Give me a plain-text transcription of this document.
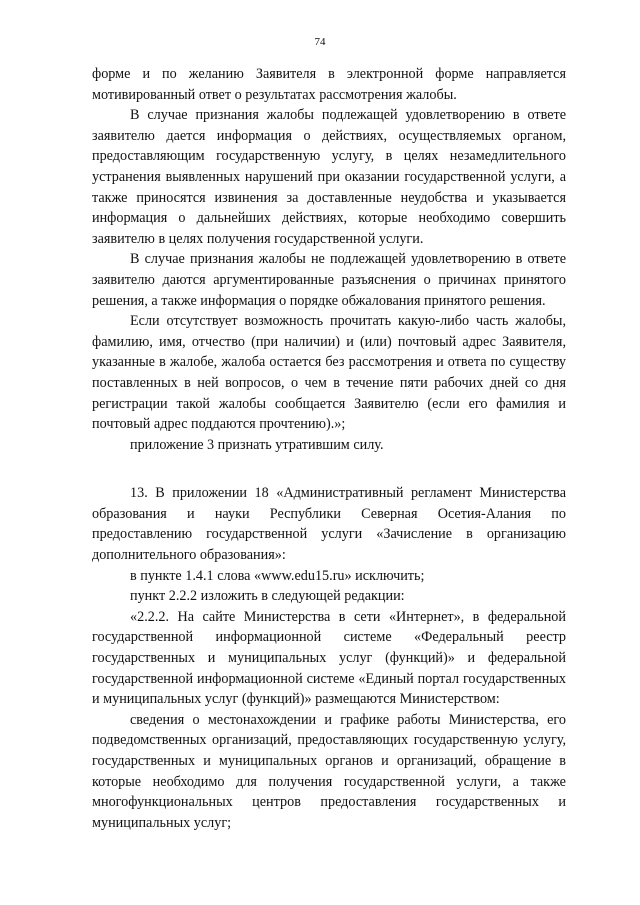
74

форме и по желанию Заявителя в электронной форме направляется мотивированный ответ о результатах рассмотрения жалобы.

В случае признания жалобы подлежащей удовлетворению в ответе заявителю дается информация о действиях, осуществляемых органом, предоставляющим государственную услугу, в целях незамедлительного устранения выявленных нарушений при оказании государственной услуги, а также приносятся извинения за доставленные неудобства и указывается информация о дальнейших действиях, которые необходимо совершить заявителю в целях получения государственной услуги.

В случае признания жалобы не подлежащей удовлетворению в ответе заявителю даются аргументированные разъяснения о причинах принятого решения, а также информация о порядке обжалования принятого решения.

Если отсутствует возможность прочитать какую-либо часть жалобы, фамилию, имя, отчество (при наличии) и (или) почтовый адрес Заявителя, указанные в жалобе, жалоба остается без рассмотрения и ответа по существу поставленных в ней вопросов, о чем в течение пяти рабочих дней со дня регистрации такой жалобы сообщается Заявителю (если его фамилия и почтовый адрес поддаются прочтению).»;

приложение 3 признать утратившим силу.

13. В приложении 18 «Административный регламент Министерства образования и науки Республики Северная Осетия-Алания по предоставлению государственной услуги «Зачисление в организацию дополнительного образования»:

в пункте 1.4.1 слова «www.edu15.ru» исключить;

пункт 2.2.2 изложить в следующей редакции:

«2.2.2. На сайте Министерства в сети «Интернет», в федеральной государственной информационной системе «Федеральный реестр государственных и муниципальных услуг (функций)» и федеральной государственной информационной системе «Единый портал государственных и муниципальных услуг (функций)» размещаются Министерством:

сведения о местонахождении и графике работы Министерства, его подведомственных организаций, предоставляющих государственную услугу, государственных и муниципальных органов и организаций, обращение в которые необходимо для получения государственной услуги, а также многофункциональных центров предоставления государственных и муниципальных услуг;
